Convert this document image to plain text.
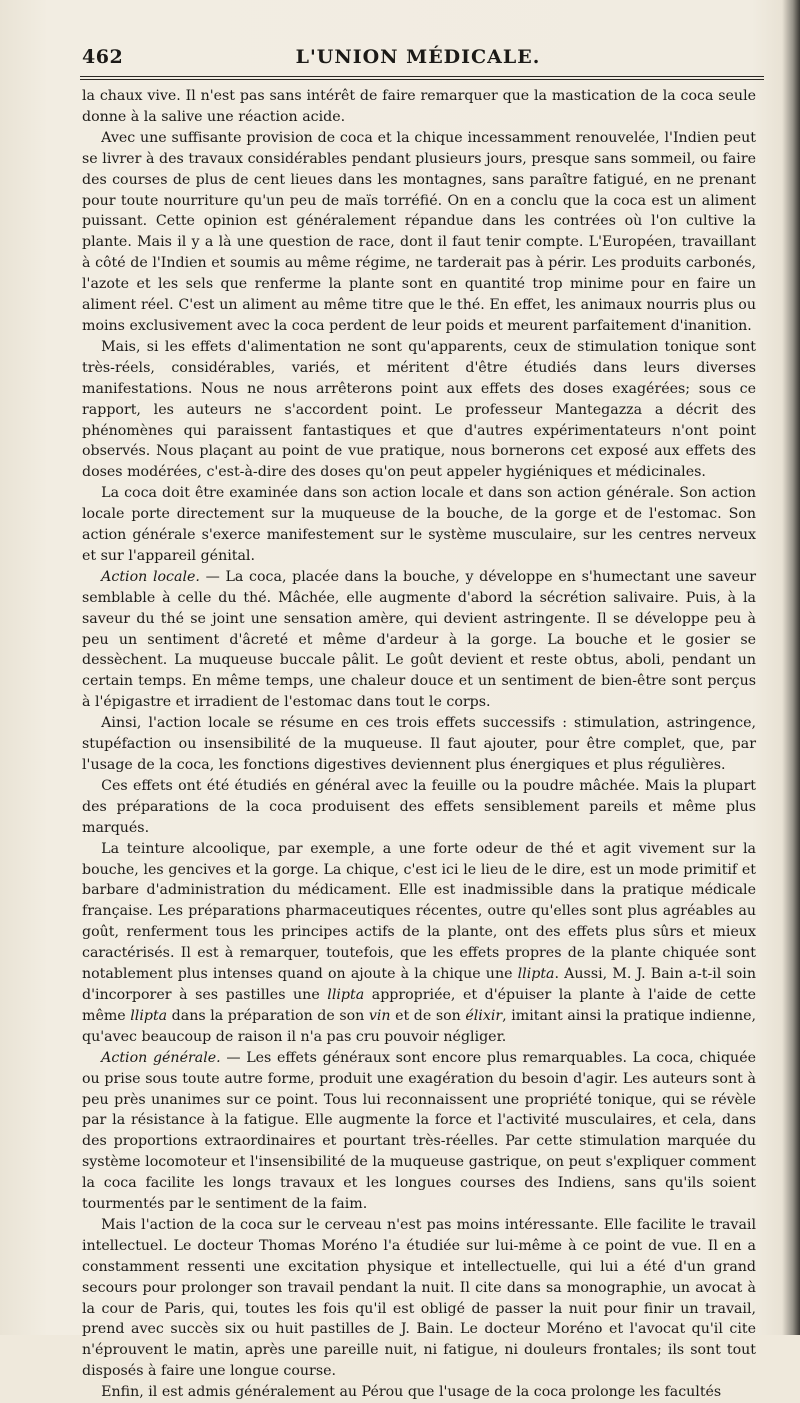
462	L'UNION MÉDICALE.

la chaux vive. Il n'est pas sans intérêt de faire remarquer que la mastication de la coca seule donne à la salive une réaction acide.

Avec une suffisante provision de coca et la chique incessamment renouvelée, l'Indien peut se livrer à des travaux considérables pendant plusieurs jours, presque sans sommeil, ou faire des courses de plus de cent lieues dans les montagnes, sans paraître fatigué, en ne prenant pour toute nourriture qu'un peu de maïs torréfié. On en a conclu que la coca est un aliment puissant. Cette opinion est généralement répandue dans les contrées où l'on cultive la plante. Mais il y a là une question de race, dont il faut tenir compte. L'Européen, travaillant à côté de l'Indien et soumis au même régime, ne tarderait pas à périr. Les produits carbonés, l'azote et les sels que renferme la plante sont en quantité trop minime pour en faire un aliment réel. C'est un aliment au même titre que le thé. En effet, les animaux nourris plus ou moins exclusivement avec la coca perdent de leur poids et meurent parfaitement d'inanition.

Mais, si les effets d'alimentation ne sont qu'apparents, ceux de stimulation tonique sont très-réels, considérables, variés, et méritent d'être étudiés dans leurs diverses manifestations. Nous ne nous arrêterons point aux effets des doses exagérées; sous ce rapport, les auteurs ne s'accordent point. Le professeur Mantegazza a décrit des phénomènes qui paraissent fantastiques et que d'autres expérimentateurs n'ont point observés. Nous plaçant au point de vue pratique, nous bornerons cet exposé aux effets des doses modérées, c'est-à-dire des doses qu'on peut appeler hygiéniques et médicinales.

La coca doit être examinée dans son action locale et dans son action générale. Son action locale porte directement sur la muqueuse de la bouche, de la gorge et de l'estomac. Son action générale s'exerce manifestement sur le système musculaire, sur les centres nerveux et sur l'appareil génital.

Action locale. — La coca, placée dans la bouche, y développe en s'humectant une saveur semblable à celle du thé. Mâchée, elle augmente d'abord la sécrétion salivaire. Puis, à la saveur du thé se joint une sensation amère, qui devient astringente. Il se développe peu à peu un sentiment d'âcreté et même d'ardeur à la gorge. La bouche et le gosier se dessèchent. La muqueuse buccale pâlit. Le goût devient et reste obtus, aboli, pendant un certain temps. En même temps, une chaleur douce et un sentiment de bien-être sont perçus à l'épigastre et irradient de l'estomac dans tout le corps.

Ainsi, l'action locale se résume en ces trois effets successifs : stimulation, astringence, stupéfaction ou insensibilité de la muqueuse. Il faut ajouter, pour être complet, que, par l'usage de la coca, les fonctions digestives deviennent plus énergiques et plus régulières.

Ces effets ont été étudiés en général avec la feuille ou la poudre mâchée. Mais la plupart des préparations de la coca produisent des effets sensiblement pareils et même plus marqués.

La teinture alcoolique, par exemple, a une forte odeur de thé et agit vivement sur la bouche, les gencives et la gorge. La chique, c'est ici le lieu de le dire, est un mode primitif et barbare d'administration du médicament. Elle est inadmissible dans la pratique médicale française. Les préparations pharmaceutiques récentes, outre qu'elles sont plus agréables au goût, renferment tous les principes actifs de la plante, ont des effets plus sûrs et mieux caractérisés. Il est à remarquer, toutefois, que les effets propres de la plante chiquée sont notablement plus intenses quand on ajoute à la chique une llipta. Aussi, M. J. Bain a-t-il soin d'incorporer à ses pastilles une llipta appropriée, et d'épuiser la plante à l'aide de cette même llipta dans la préparation de son vin et de son élixir, imitant ainsi la pratique indienne, qu'avec beaucoup de raison il n'a pas cru pouvoir négliger.

Action générale. — Les effets généraux sont encore plus remarquables. La coca, chiquée ou prise sous toute autre forme, produit une exagération du besoin d'agir. Les auteurs sont à peu près unanimes sur ce point. Tous lui reconnaissent une propriété tonique, qui se révèle par la résistance à la fatigue. Elle augmente la force et l'activité musculaires, et cela, dans des proportions extraordinaires et pourtant très-réelles. Par cette stimulation marquée du système locomoteur et l'insensibilité de la muqueuse gastrique, on peut s'expliquer comment la coca facilite les longs travaux et les longues courses des Indiens, sans qu'ils soient tourmentés par le sentiment de la faim.

Mais l'action de la coca sur le cerveau n'est pas moins intéressante. Elle facilite le travail intellectuel. Le docteur Thomas Moréno l'a étudiée sur lui-même à ce point de vue. Il en a constamment ressenti une excitation physique et intellectuelle, qui lui a été d'un grand secours pour prolonger son travail pendant la nuit. Il cite dans sa monographie, un avocat à la cour de Paris, qui, toutes les fois qu'il est obligé de passer la nuit pour finir un travail, prend avec succès six ou huit pastilles de J. Bain. Le docteur Moréno et l'avocat qu'il cite n'éprouvent le matin, après une pareille nuit, ni fatigue, ni douleurs frontales; ils sont tout disposés à faire une longue course.

Enfin, il est admis généralement au Pérou que l'usage de la coca prolonge les facultés
